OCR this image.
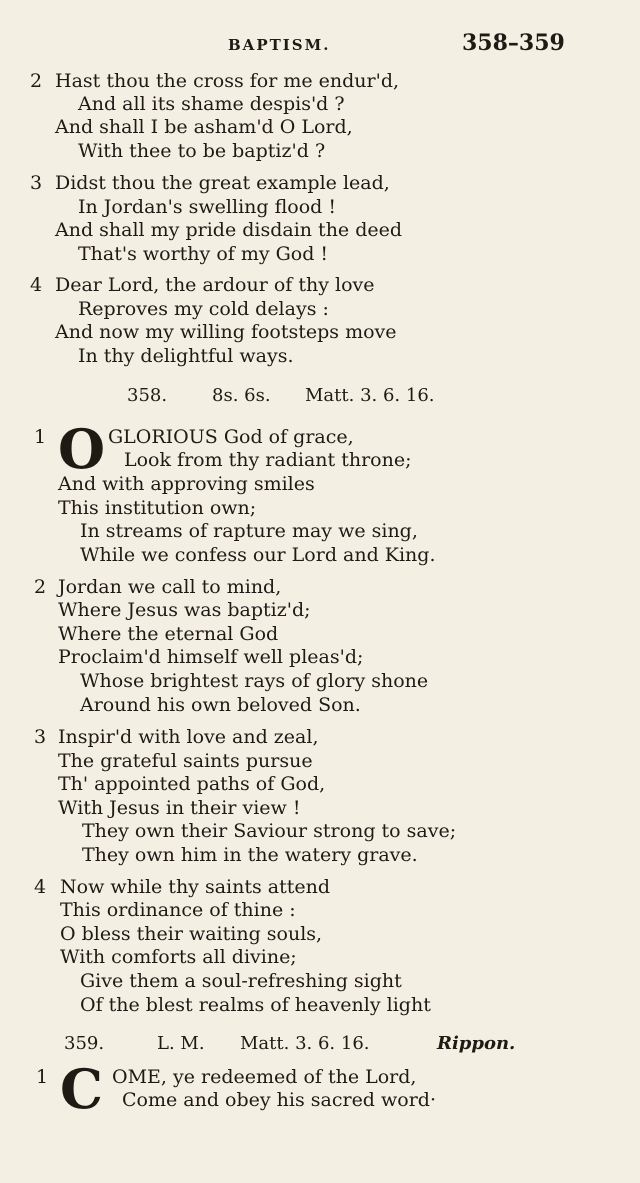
BAPTISM.	358–359
2 Hast thou the cross for me endur'd,
And all its shame despis'd ?
And shall I be asham'd O Lord,
With thee to be baptiz'd ?
3 Didst thou the great example lead,
In Jordan's swelling flood !
And shall my pride disdain the deed
That's worthy of my God !
4 Dear Lord, the ardour of thy love
Reproves my cold delays :
And now my willing footsteps move
In thy delightful ways.
358. 8s. 6s. Matt. 3. 6. 16.
1 O GLORIOUS God of grace,
Look from thy radiant throne;
And with approving smiles
This institution own;
In streams of rapture may we sing,
While we confess our Lord and King.
2 Jordan we call to mind,
Where Jesus was baptiz'd;
Where the eternal God
Proclaim'd himself well pleas'd;
Whose brightest rays of glory shone
Around his own beloved Son.
3 Inspir'd with love and zeal,
The grateful saints pursue
Th' appointed paths of God,
With Jesus in their view !
They own their Saviour strong to save;
They own him in the watery grave.
4 Now while thy saints attend
This ordinance of thine :
O bless their waiting souls,
With comforts all divine;
Give them a soul-refreshing sight
Of the blest realms of heavenly light
359.	L. M. Matt. 3. 6. 16.	Rippon.
1 C OME, ye redeemed of the Lord,
Come and obey his sacred word·
